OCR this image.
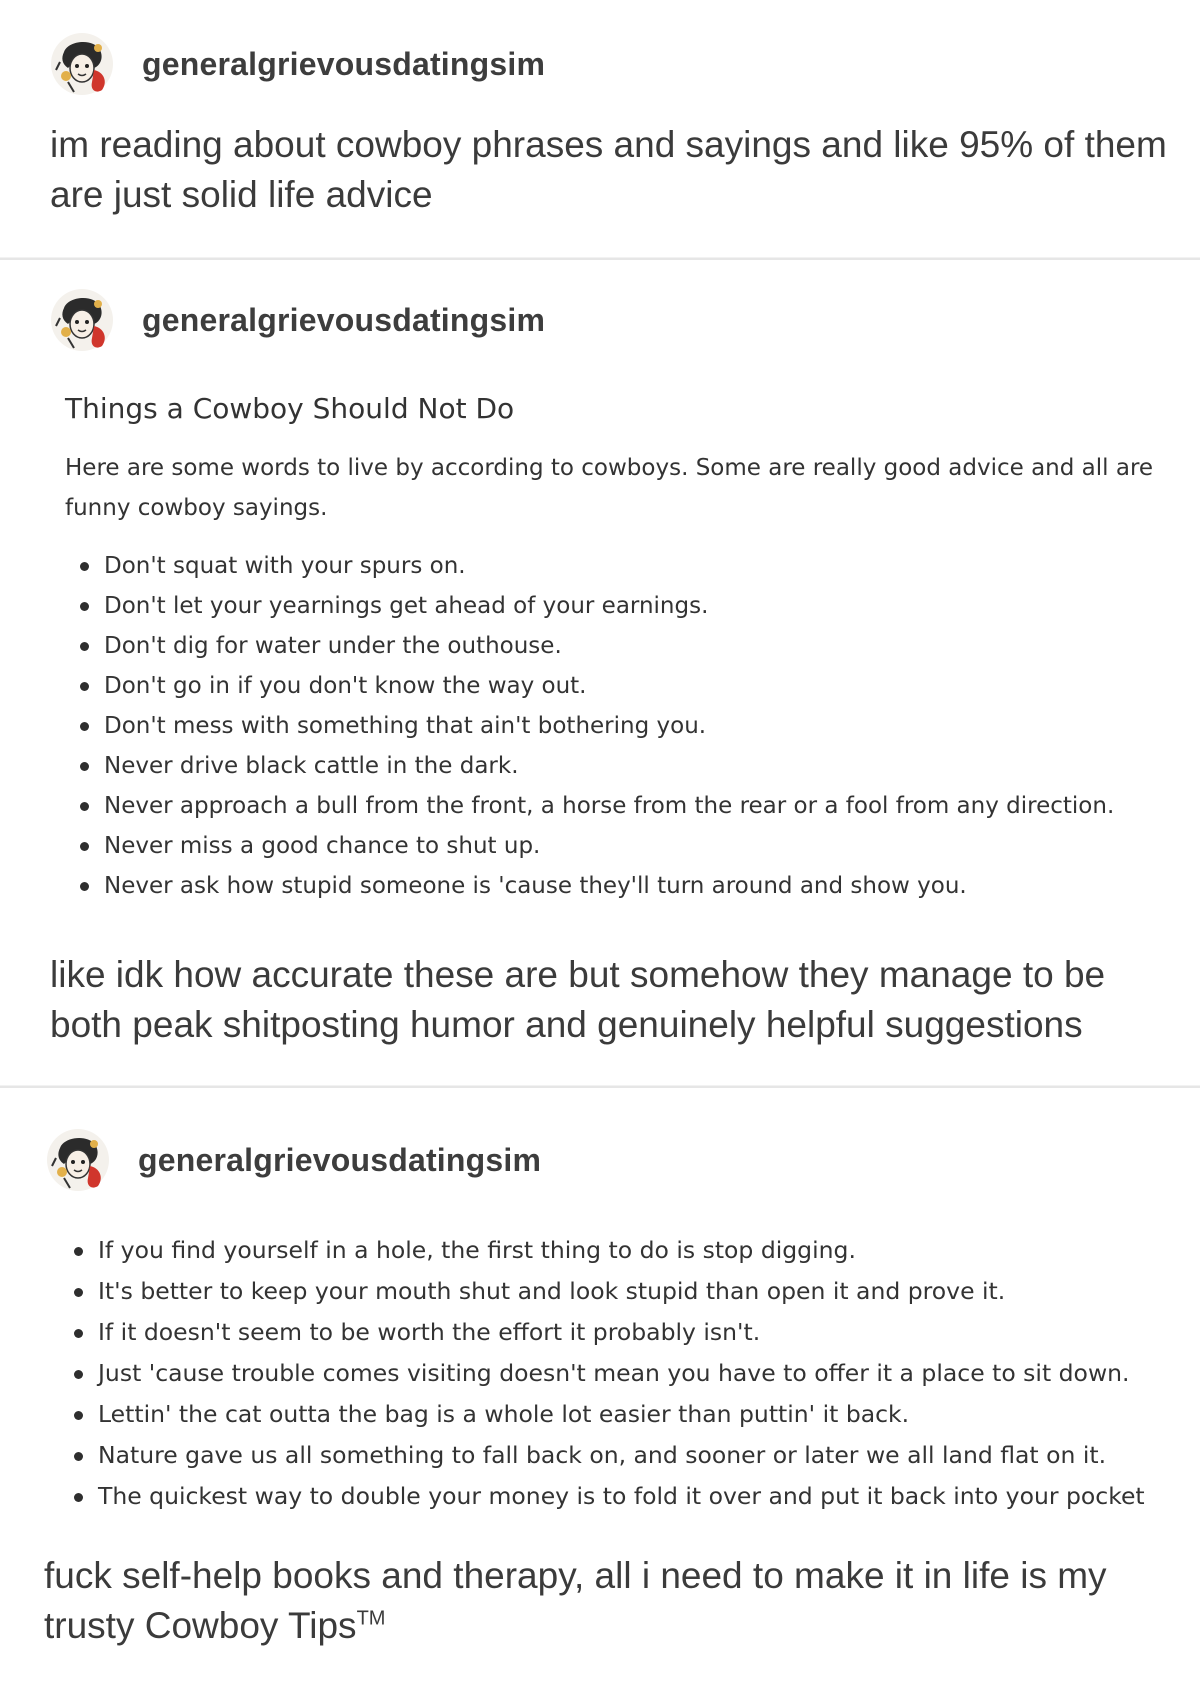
generalgrievousdatingsim

im reading about cowboy phrases and sayings and like 95% of them are just solid life advice

generalgrievousdatingsim

Things a Cowboy Should Not Do

Here are some words to live by according to cowboys. Some are really good advice and all are funny cowboy sayings.

Don't squat with your spurs on.
Don't let your yearnings get ahead of your earnings.
Don't dig for water under the outhouse.
Don't go in if you don't know the way out.
Don't mess with something that ain't bothering you.
Never drive black cattle in the dark.
Never approach a bull from the front, a horse from the rear or a fool from any direction.
Never miss a good chance to shut up.
Never ask how stupid someone is 'cause they'll turn around and show you.

like idk how accurate these are but somehow they manage to be both peak shitposting humor and genuinely helpful suggestions

generalgrievousdatingsim
If you find yourself in a hole, the first thing to do is stop digging.
It's better to keep your mouth shut and look stupid than open it and prove it.
If it doesn't seem to be worth the effort it probably isn't.
Just 'cause trouble comes visiting doesn't mean you have to offer it a place to sit down.
Lettin' the cat outta the bag is a whole lot easier than puttin' it back.
Nature gave us all something to fall back on, and sooner or later we all land flat on it.
The quickest way to double your money is to fold it over and put it back into your pocket

fuck self-help books and therapy, all i need to make it in life is my trusty Cowboy Tips™
